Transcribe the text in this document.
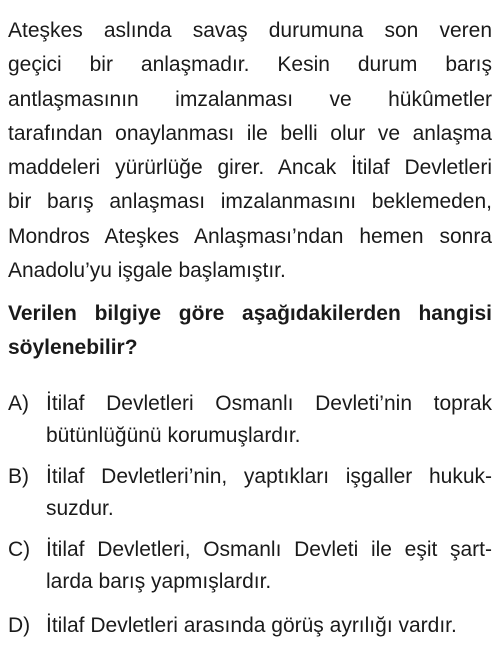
Ateşkes aslında savaş durumuna son veren
geçici bir anlaşmadır. Kesin durum barış
antlaşmasının imzalanması ve hükûmetler
tarafından onaylanması ile belli olur ve anlaşma
maddeleri yürürlüğe girer. Ancak İtilaf Devletleri
bir barış anlaşması imzalanmasını beklemeden,
Mondros Ateşkes Anlaşması’ndan hemen sonra
Anadolu’yu işgale başlamıştır.
Verilen bilgiye göre aşağıdakilerden hangisi
söylenebilir?
A) İtilaf Devletleri Osmanlı Devleti’nin toprak
bütünlüğünü korumuşlardır.
B) İtilaf Devletleri’nin, yaptıkları işgaller hukuk-
suzdur.
C) İtilaf Devletleri, Osmanlı Devleti ile eşit şart-
larda barış yapmışlardır.
D) İtilaf Devletleri arasında görüş ayrılığı vardır.
